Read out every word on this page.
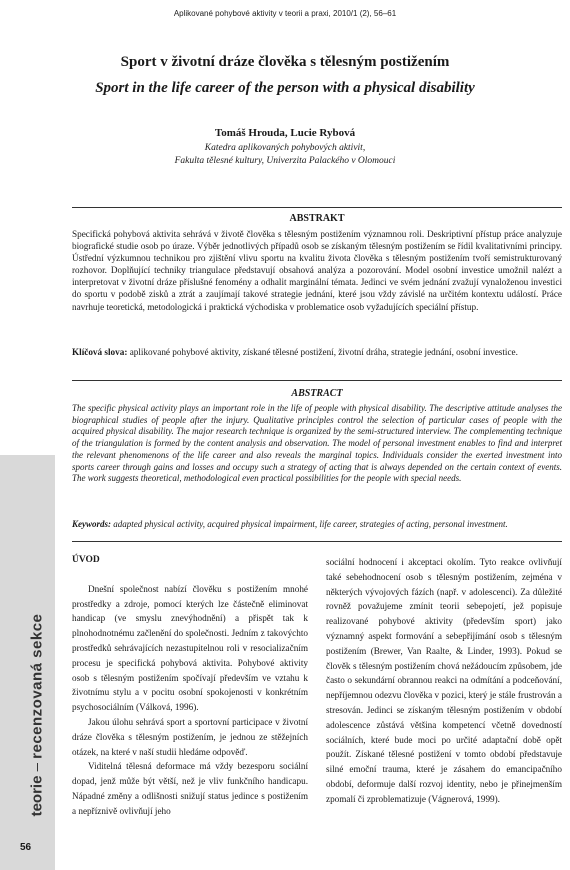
Aplikované pohybové aktivity v teorii a praxi, 2010/1 (2), 56–61
Sport v životní dráze člověka s tělesným postižením
Sport in the life career of the person with a physical disability
Tomáš Hrouda, Lucie Rybová
Katedra aplikovaných pohybových aktivit,
Fakulta tělesné kultury, Univerzita Palackého v Olomouci
ABSTRAKT

Specifická pohybová aktivita sehrává v životě člověka s tělesným postižením významnou roli. Deskriptivní přístup práce analyzuje biografické studie osob po úraze. Výběr jednotlivých případů osob se získaným tělesným postižením se řídil kvalitativními principy. Ústřední výzkumnou technikou pro zjištění vlivu sportu na kvalitu života člověka s tělesným postižením tvoří semistrukturovaný rozhovor. Doplňující techniky triangulace představují obsahová analýza a pozorování. Model osobní investice umožnil nalézt a interpretovat v životní dráze příslušné fenomény a odhalit marginální témata. Jedinci ve svém jednání zvažují vynaloženou investici do sportu v podobě zisků a ztrát a zaujímají takové strategie jednání, které jsou vždy závislé na určitém kontextu událostí. Práce navrhuje teoretická, metodologická i praktická východiska v problematice osob vyžadujících speciální přístup.

Klíčová slova: aplikované pohybové aktivity, získané tělesné postižení, životní dráha, strategie jednání, osobní investice.

ABSTRACT

The specific physical activity plays an important role in the life of people with physical disability. The descriptive attitude analyses the biographical studies of people after the injury. Qualitative principles control the selection of particular cases of people with the acquired physical disability. The major research technique is organized by the semi-structured interview. The complementing technique of the triangulation is formed by the content analysis and observation. The model of personal investment enables to find and interpret the relevant phenomenons of the life career and also reveals the marginal topics. Individuals consider the exerted investment into sports career through gains and losses and occupy such a strategy of acting that is always depended on the certain context of events. The work suggests theoretical, methodological even practical possibilities for the people with special needs.

Keywords: adapted physical activity, acquired physical impairment, life career, strategies of acting, personal investment.

teorie – recenzovaná sekce
56

ÚVOD

Dnešní společnost nabízí člověku s postižením mnohé prostředky a zdroje, pomocí kterých lze částečně eliminovat handicap (ve smyslu znevýhodnění) a přispět tak k plnohodnotnému začlenění do společnosti. Jedním z takovýchto prostředků sehrávajících nezastupitelnou roli v resocializačním procesu je specifická pohybová aktivita. Pohybové aktivity osob s tělesným postižením spočívají především ve vztahu k životnímu stylu a v pocitu osobní spokojenosti v konkrétním psychosociálním (Válková, 1996).

Jakou úlohu sehrává sport a sportovní participace v životní dráze člověka s tělesným postižením, je jednou ze stěžejních otázek, na které v naší studii hledáme odpověď.

Viditelná tělesná deformace má vždy bezesporu sociální dopad, jenž může být větší, než je vliv funkčního handicapu. Nápadné změny a odlišnosti snižují status jedince s postižením a nepříznivě ovlivňují jeho

sociální hodnocení i akceptaci okolím. Tyto reakce ovlivňují také sebehodnocení osob s tělesným postižením, zejména v některých vývojových fázích (např. v adolescenci). Za důležité rovněž považujeme zmínit teorii sebepojetí, jež popisuje realizované pohybové aktivity (především sport) jako významný aspekt formování a sebepřijímání osob s tělesným postižením (Brewer, Van Raalte, & Linder, 1993). Pokud se člověk s tělesným postižením chová nežádoucím způsobem, jde často o sekundární obrannou reakci na odmítání a podceňování, nepříjemnou odezvu člověka v pozici, který je stále frustrován a stresován. Jedinci se získaným tělesným postižením v období adolescence zůstává většina kompetencí včetně dovedností sociálních, které bude moci po určité adaptační době opět použít. Získané tělesné postižení v tomto období představuje silné emoční trauma, které je zásahem do emancipačního období, deformuje další rozvoj identity, nebo je přinejmenším zpomalí či zproblematizuje (Vágnerová, 1999).
